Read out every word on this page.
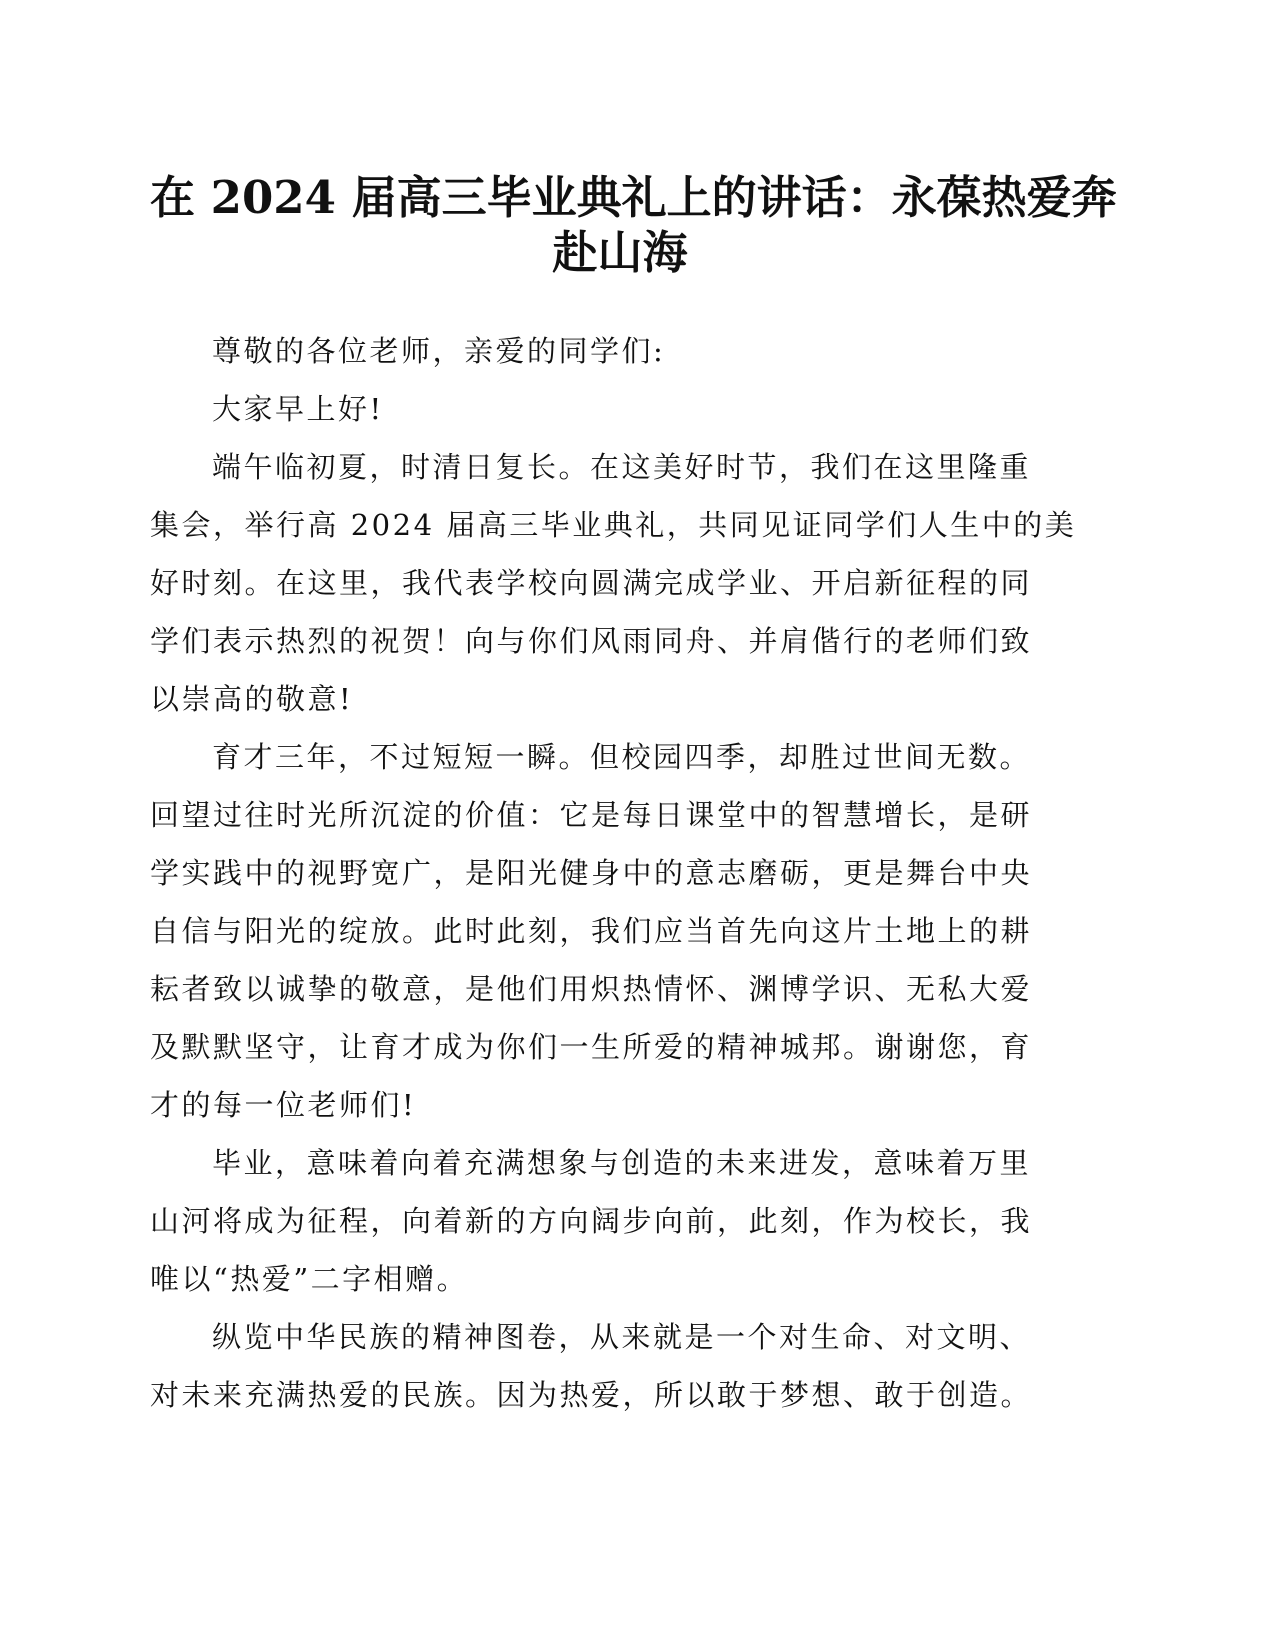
在 2024 届高三毕业典礼上的讲话：永葆热爱奔
赴山海

尊敬的各位老师，亲爱的同学们:

大家早上好!

端午临初夏，时清日复长。在这美好时节，我们在这里隆重
集会，举行高 2024 届高三毕业典礼，共同见证同学们人生中的美
好时刻。在这里，我代表学校向圆满完成学业、开启新征程的同
学们表示热烈的祝贺！向与你们风雨同舟、并肩偕行的老师们致
以崇高的敬意!

育才三年，不过短短一瞬。但校园四季，却胜过世间无数。
回望过往时光所沉淀的价值：它是每日课堂中的智慧增长，是研
学实践中的视野宽广，是阳光健身中的意志磨砺，更是舞台中央
自信与阳光的绽放。此时此刻，我们应当首先向这片土地上的耕
耘者致以诚挚的敬意，是他们用炽热情怀、渊博学识、无私大爱
及默默坚守，让育才成为你们一生所爱的精神城邦。谢谢您，育
才的每一位老师们!

毕业，意味着向着充满想象与创造的未来进发，意味着万里
山河将成为征程，向着新的方向阔步向前，此刻，作为校长，我
唯以“热爱”二字相赠。

纵览中华民族的精神图卷，从来就是一个对生命、对文明、
对未来充满热爱的民族。因为热爱，所以敢于梦想、敢于创造。
